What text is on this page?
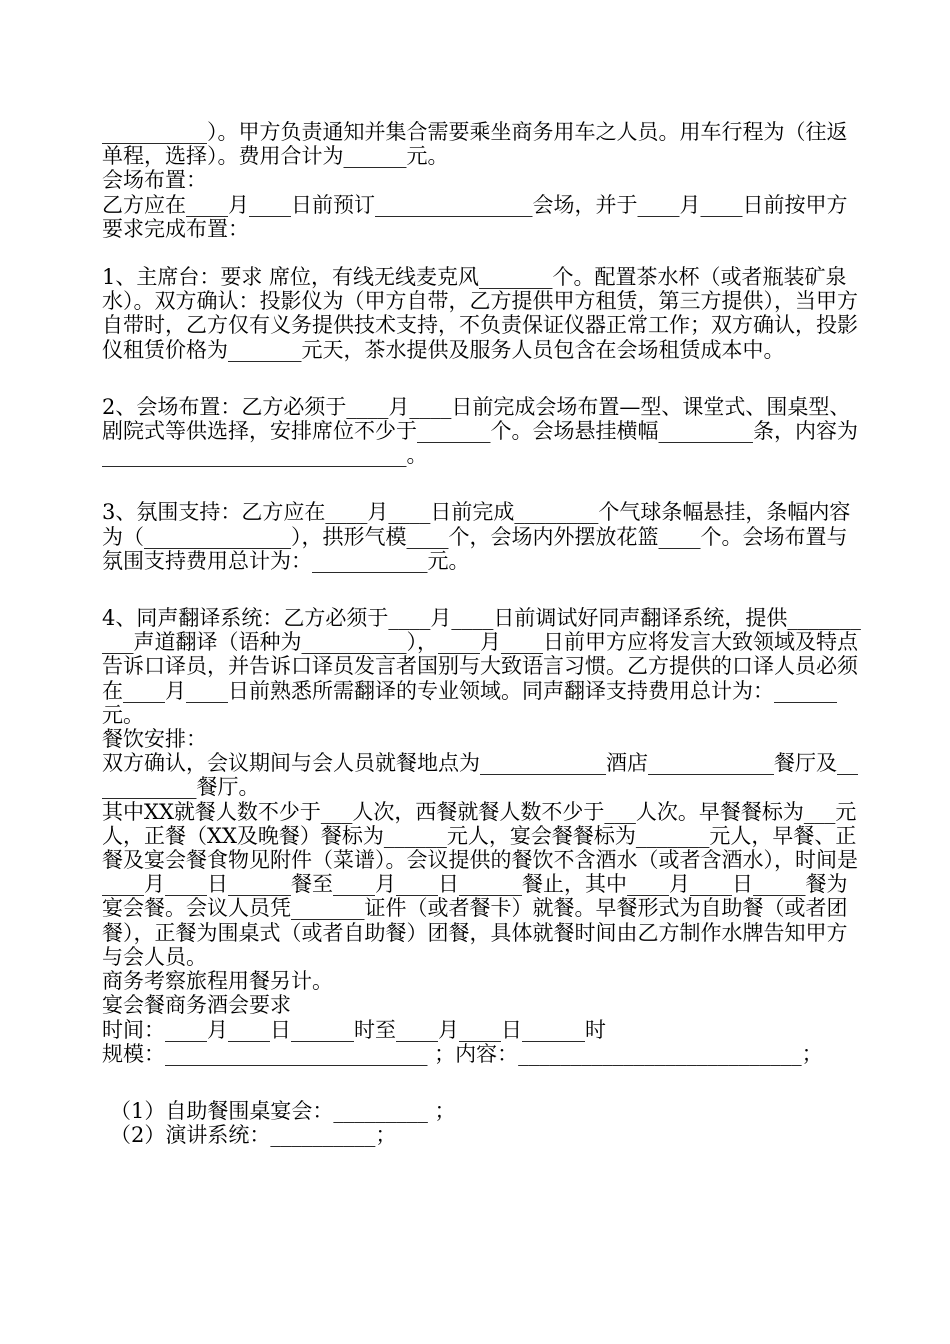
__________）。甲方负责通知并集合需要乘坐商务用车之人员。用车行程为（往返单程，选择）。费用合计为______元。

会场布置：

乙方应在____月____日前预订_______________会场，并于____月____日前按甲方要求完成布置：

1、主席台：要求 席位，有线无线麦克风_______个。配置茶水杯（或者瓶装矿泉水）。双方确认：投影仪为（甲方自带，乙方提供甲方租赁，第三方提供），当甲方自带时，乙方仅有义务提供技术支持，不负责保证仪器正常工作；双方确认，投影仪租赁价格为_______元天，茶水提供及服务人员包含在会场租赁成本中。

2、会场布置：乙方必须于____月____日前完成会场布置—型、课堂式、围桌型、剧院式等供选择，安排席位不少于_______个。会场悬挂横幅_________条，内容为_____________________________。

3、氛围支持：乙方应在____月____日前完成________个气球条幅悬挂，条幅内容为（______________），拱形气模____个，会场内外摆放花篮____个。会场布置与氛围支持费用总计为：___________元。

4、同声翻译系统：乙方必须于____月____日前调试好同声翻译系统，提供__________声道翻译（语种为__________），____月____日前甲方应将发言大致领域及特点告诉口译员，并告诉口译员发言者国别与大致语言习惯。乙方提供的口译人员必须在____月____日前熟悉所需翻译的专业领域。同声翻译支持费用总计为：______元。

餐饮安排：

双方确认，会议期间与会人员就餐地点为____________酒店____________餐厅及___________餐厅。

其中XX就餐人数不少于___人次，西餐就餐人数不少于___人次。早餐餐标为___元人，正餐（XX及晚餐）餐标为______元人，宴会餐餐标为_______元人，早餐、正餐及宴会餐食物见附件（菜谱）。会议提供的餐饮不含酒水（或者含酒水），时间是____月____日______餐至____月____日______餐止，其中____月____日_____餐为宴会餐。会议人员凭_______证件（或者餐卡）就餐。早餐形式为自助餐（或者团餐），正餐为围桌式（或者自助餐）团餐，具体就餐时间由乙方制作水牌告知甲方与会人员。

商务考察旅程用餐另计。

宴会餐商务酒会要求

时间：____月____日______时至____月____日______时

规模：_________________________ ；内容：___________________________；

（1）自助餐围桌宴会：_________ ；

（2）演讲系统：__________；
